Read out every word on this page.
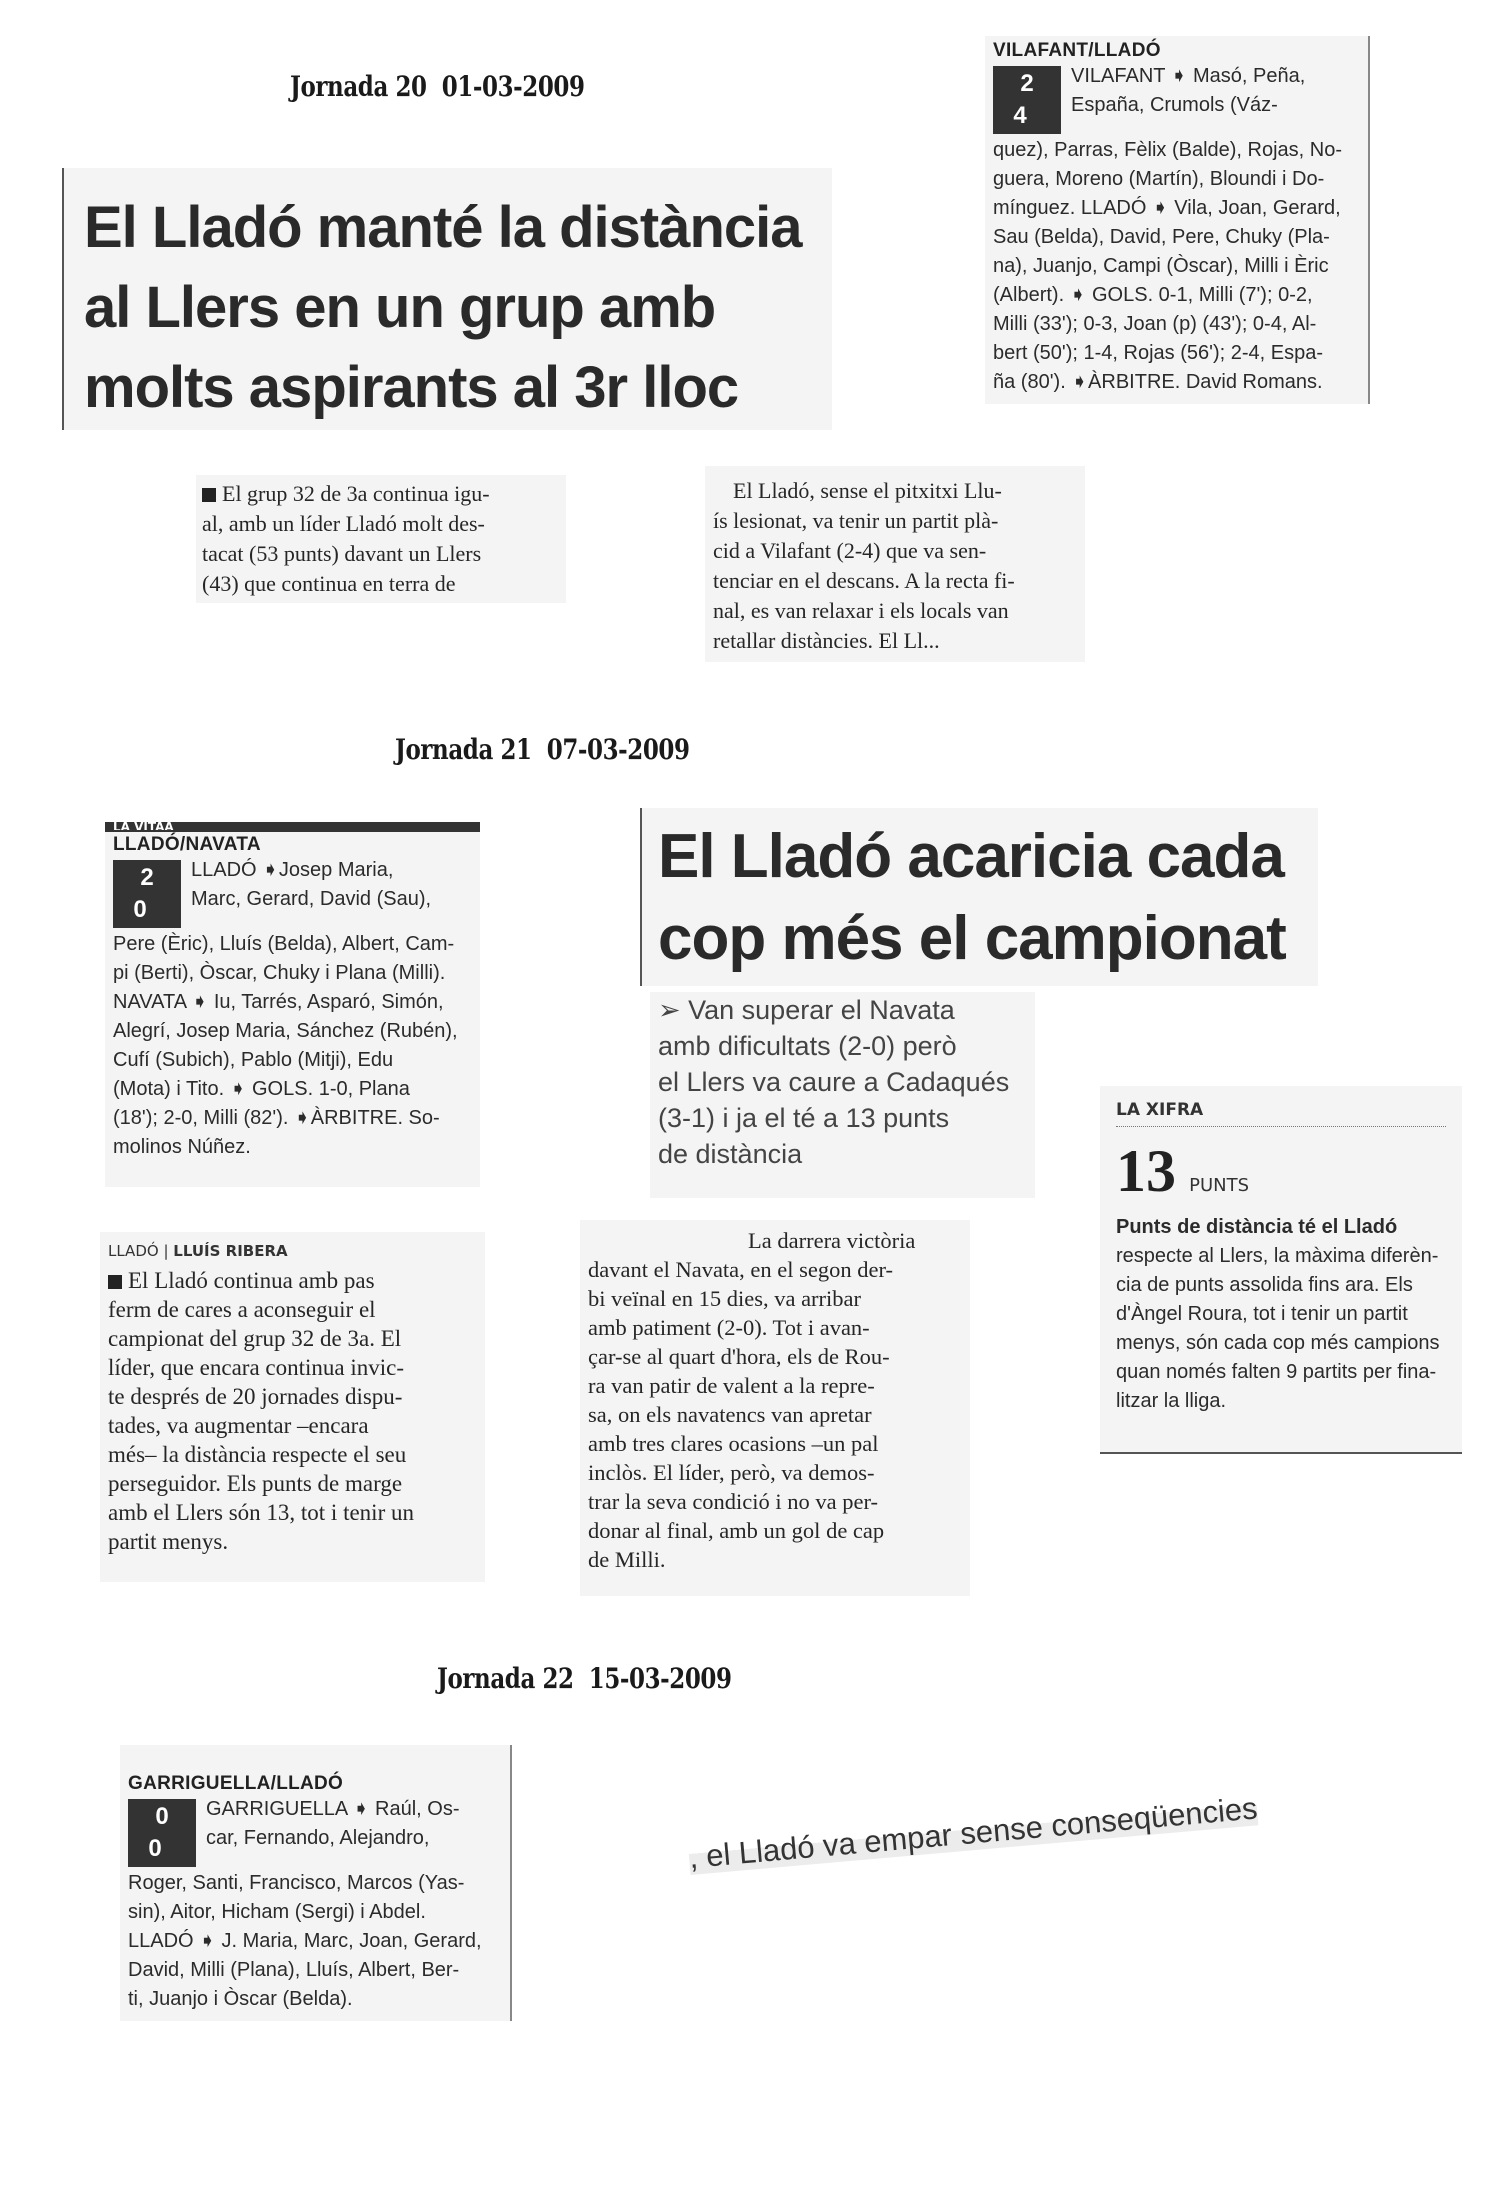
Jornada 20 01-03-2009
El Lladó manté la distància
al Llers en un grup amb
molts aspirants al 3r lloc
VILAFANT/LLADÓ
2 4
VILAFANT ➧ Masó, Peña,
España, Crumols (Váz-
quez), Parras, Fèlix (Balde), Rojas, No-
guera, Moreno (Martín), Bloundi i Do-
mínguez. LLADÓ ➧ Vila, Joan, Gerard,
Sau (Belda), David, Pere, Chuky (Pla-
na), Juanjo, Campi (Òscar), Milli i Èric
(Albert). ➧ GOLS. 0-1, Milli (7'); 0-2,
Milli (33'); 0-3, Joan (p) (43'); 0-4, Al-
bert (50'); 1-4, Rojas (56'); 2-4, Espa-
ña (80'). ➧ÀRBITRE. David Romans.
El grup 32 de 3a continua igu-
al, amb un líder Lladó molt des-
tacat (53 punts) davant un Llers
(43) que continua en terra de
El Lladó, sense el pitxitxi Llu-
ís lesionat, va tenir un partit plà-
cid a Vilafant (2-4) que va sen-
tenciar en el descans. A la recta fi-
nal, es van relaxar i els locals van
retallar distàncies. El Ll...
Jornada 21 07-03-2009
LA VITAA
LLADÓ/NAVATA
2 0
LLADÓ ➧Josep Maria,
Marc, Gerard, David (Sau),
Pere (Èric), Lluís (Belda), Albert, Cam-
pi (Berti), Òscar, Chuky i Plana (Milli).
NAVATA ➧ Iu, Tarrés, Asparó, Simón,
Alegrí, Josep Maria, Sánchez (Rubén),
Cufí (Subich), Pablo (Mitji), Edu
(Mota) i Tito. ➧ GOLS. 1-0, Plana
(18'); 2-0, Milli (82'). ➧ÀRBITRE. So-
molinos Núñez.
El Lladó acaricia cada
cop més el campionat
➢ Van superar el Navata
amb dificultats (2-0) però
el Llers va caure a Cadaqués
(3-1) i ja el té a 13 punts
de distància
LA XIFRA
13 PUNTS
Punts de distància té el Lladó
respecte al Llers, la màxima diferèn-
cia de punts assolida fins ara. Els
d'Àngel Roura, tot i tenir un partit
menys, són cada cop més campions
quan només falten 9 partits per fina-
litzar la lliga.
LLADÓ | LLUÍS RIBERA
El Lladó continua amb pas
ferm de cares a aconseguir el
campionat del grup 32 de 3a. El
líder, que encara continua invic-
te després de 20 jornades dispu-
tades, va augmentar –encara
més– la distància respecte el seu
perseguidor. Els punts de marge
amb el Llers són 13, tot i tenir un
partit menys.
La darrera victòria
davant el Navata, en el segon der-
bi veïnal en 15 dies, va arribar
amb patiment (2-0). Tot i avan-
çar-se al quart d'hora, els de Rou-
ra van patir de valent a la repre-
sa, on els navatencs van apretar
amb tres clares ocasions –un pal
inclòs. El líder, però, va demos-
trar la seva condició i no va per-
donar al final, amb un gol de cap
de Milli.
Jornada 22 15-03-2009
GARRIGUELLA/LLADÓ
0 0
GARRIGUELLA ➧ Raúl, Os-
car, Fernando, Alejandro,
Roger, Santi, Francisco, Marcos (Yas-
sin), Aitor, Hicham (Sergi) i Abdel.
LLADÓ ➧ J. Maria, Marc, Joan, Gerard,
David, Milli (Plana), Lluís, Albert, Ber-
ti, Juanjo i Òscar (Belda).
, el Lladó va empar sense conseqüencies
